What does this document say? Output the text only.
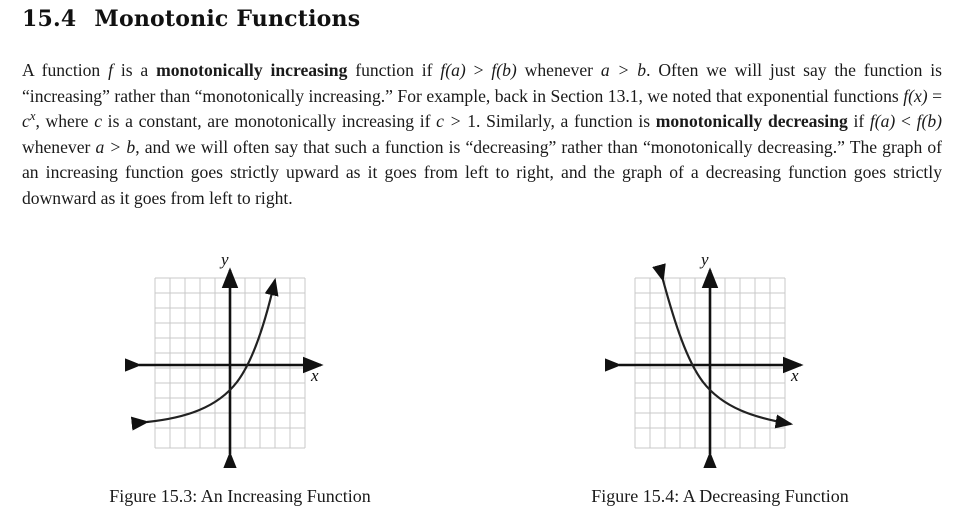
15.4 Monotonic Functions
A function f is a monotonically increasing function if f(a) > f(b) whenever a > b. Often we will just say the function is “increasing” rather than “monotonically increasing.” For example, back in Section 13.1, we noted that exponential functions $f(x) = c^x$, where c is a constant, are monotonically increasing if c > 1. Similarly, a function is monotonically decreasing if f(a) < f(b) whenever a > b, and we will often say that such a function is “decreasing” rather than “monotonically decreasing.” The graph of an increasing function goes strictly upward as it goes from left to right, and the graph of a decreasing function goes strictly downward as it goes from left to right.
x
y
Figure 15.3: An Increasing Function
x
y
Figure 15.4: A Decreasing Function
